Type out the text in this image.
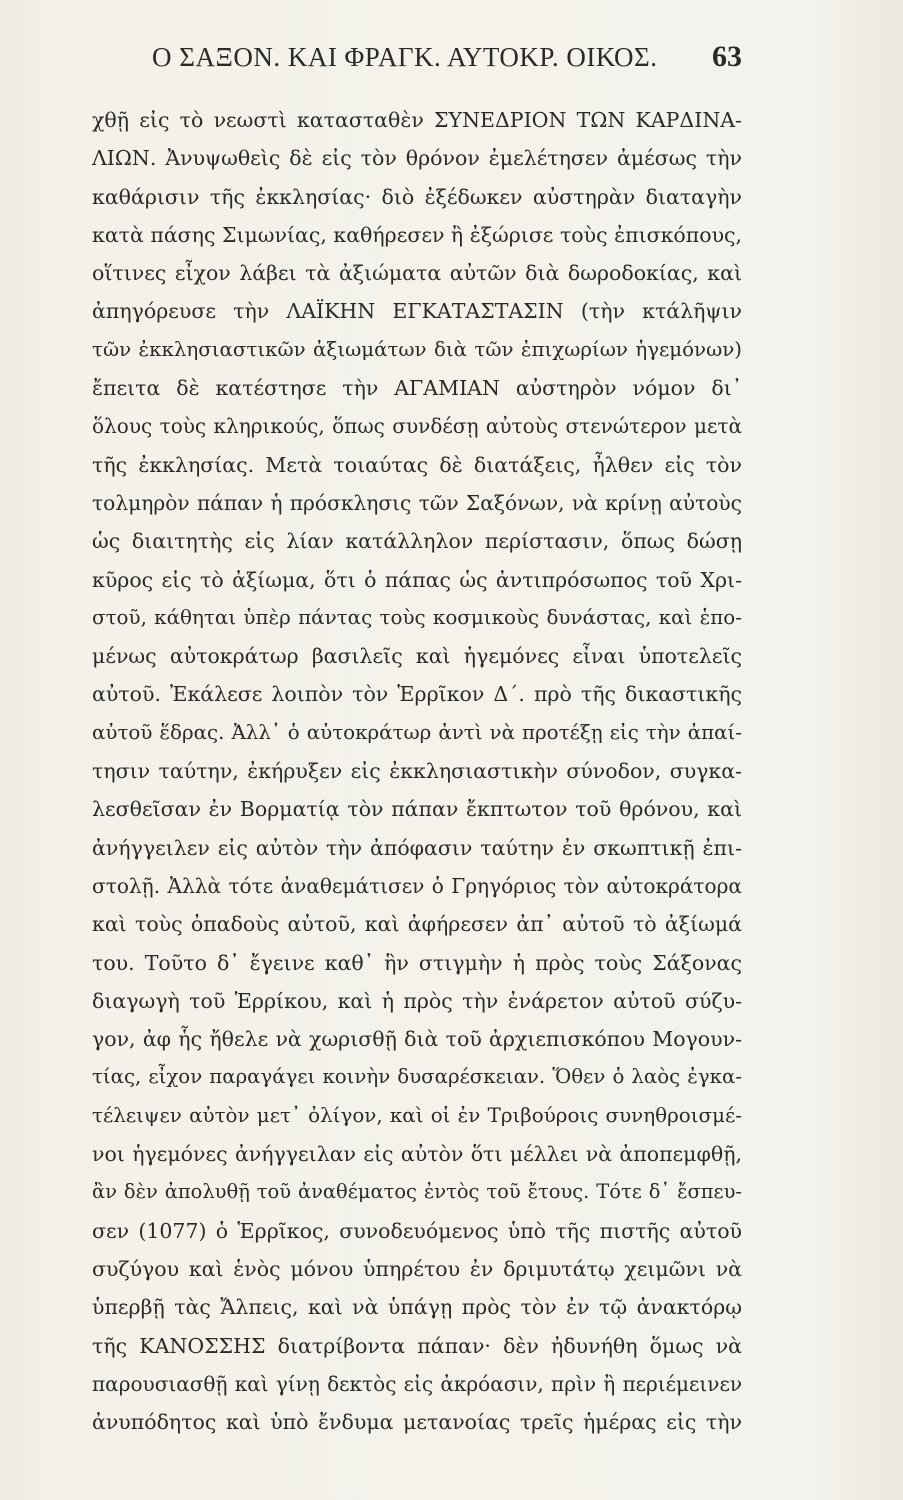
Ο ΣΑΞΟΝ. ΚΑΙ ΦΡΑΓΚ. ΑΥΤΟΚΡ. ΟΙΚΟΣ. 63
χθῇ εἰς τὸ νεωστὶ κατασταθὲν ΣΥΝΕΔΡΙΟΝ ΤΩΝ ΚΑΡΔΙΝΑ-
ΛΙΩΝ. Ἀνυψωθεὶς δὲ εἰς τὸν θρόνον ἐμελέτησεν ἀμέσως τὴν
καθάρισιν τῆς ἐκκλησίας· διὸ ἐξέδωκεν αὐστηρὰν διαταγὴν
κατὰ πάσης Σιμωνίας, καθήρεσεν ἢ ἐξώρισε τοὺς ἐπισκόπους,
οἵτινες εἶχον λάβει τὰ ἀξιώματα αὐτῶν διὰ δωροδοκίας, καὶ
ἀπηγόρευσε τὴν ΛΑΪΚΗΝ ΕΓΚΑΤΑΣΤΑΣΙΝ (τὴν κτάλῆψιν
τῶν ἐκκλησιαστικῶν ἀξιωμάτων διὰ τῶν ἐπιχωρίων ἡγεμόνων)
ἔπειτα δὲ κατέστησε τὴν ΑΓΑΜΙΑΝ αὐστηρὸν νόμον δι᾽
ὅλους τοὺς κληρικούς, ὅπως συνδέσῃ αὐτοὺς στενώτερον μετὰ
τῆς ἐκκλησίας. Μετὰ τοιαύτας δὲ διατάξεις, ἦλθεν εἰς τὸν
τολμηρὸν πάπαν ἡ πρόσκλησις τῶν Σαξόνων, νὰ κρίνῃ αὐτοὺς
ὡς διαιτητὴς εἰς λίαν κατάλληλον περίστασιν, ὅπως δώσῃ
κῦρος εἰς τὸ ἀξίωμα, ὅτι ὁ πάπας ὡς ἀντιπρόσωπος τοῦ Χρι-
στοῦ, κάθηται ὑπὲρ πάντας τοὺς κοσμικοὺς δυνάστας, καὶ ἑπο-
μένως αὐτοκράτωρ βασιλεῖς καὶ ἡγεμόνες εἶναι ὑποτελεῖς
αὐτοῦ. Ἐκάλεσε λοιπὸν τὸν Ἑρρῖκον Δ΄. πρὸ τῆς δικαστικῆς
αὐτοῦ ἕδρας. Ἀλλ᾽ ὁ αὐτοκράτωρ ἀντὶ νὰ προτέξῃ εἰς τὴν ἀπαί-
τησιν ταύτην, ἐκήρυξεν εἰς ἐκκλησιαστικὴν σύνοδον, συγκα-
λεσθεῖσαν ἐν Βορματίᾳ τὸν πάπαν ἔκπτωτον τοῦ θρόνου, καὶ
ἀνήγγειλεν εἰς αὐτὸν τὴν ἀπόφασιν ταύτην ἐν σκωπτικῇ ἐπι-
στολῇ. Ἀλλὰ τότε ἀναθεμάτισεν ὁ Γρηγόριος τὸν αὐτοκράτορα
καὶ τοὺς ὀπαδοὺς αὐτοῦ, καὶ ἀφήρεσεν ἀπ᾽ αὐτοῦ τὸ ἀξίωμά
του. Τοῦτο δ᾽ ἔγεινε καθ᾽ ἣν στιγμὴν ἡ πρὸς τοὺς Σάξονας
διαγωγὴ τοῦ Ἑρρίκου, καὶ ἡ πρὸς τὴν ἐνάρετον αὐτοῦ σύζυ-
γον, ἀφ ἧς ἤθελε νὰ χωρισθῇ διὰ τοῦ ἀρχιεπισκόπου Μογουν-
τίας, εἶχον παραγάγει κοινὴν δυσαρέσκειαν. Ὅθεν ὁ λαὸς ἐγκα-
τέλειψεν αὐτὸν μετ᾽ ὀλίγον, καὶ οἱ ἐν Τριβούροις συνηθροισμέ-
νοι ἡγεμόνες ἀνήγγειλαν εἰς αὐτὸν ὅτι μέλλει νὰ ἀποπεμφθῇ,
ἂν δὲν ἀπολυθῇ τοῦ ἀναθέματος ἐντὸς τοῦ ἔτους. Τότε δ᾽ ἔσπευ-
σεν (1077) ὁ Ἑρρῖκος, συνοδευόμενος ὑπὸ τῆς πιστῆς αὐτοῦ
συζύγου καὶ ἑνὸς μόνου ὑπηρέτου ἐν δριμυτάτῳ χειμῶνι νὰ
ὑπερβῇ τὰς Ἄλπεις, καὶ νὰ ὑπάγῃ πρὸς τὸν ἐν τῷ ἀνακτόρῳ
τῆς ΚΑΝΟΣΣΗΣ διατρίβοντα πάπαν· δὲν ἠδυνήθη ὅμως νὰ
παρουσιασθῇ καὶ γίνῃ δεκτὸς εἰς ἀκρόασιν, πρὶν ἢ περιέμεινεν
ἀνυπόδητος καὶ ὑπὸ ἔνδυμα μετανοίας τρεῖς ἡμέρας εἰς τὴν
